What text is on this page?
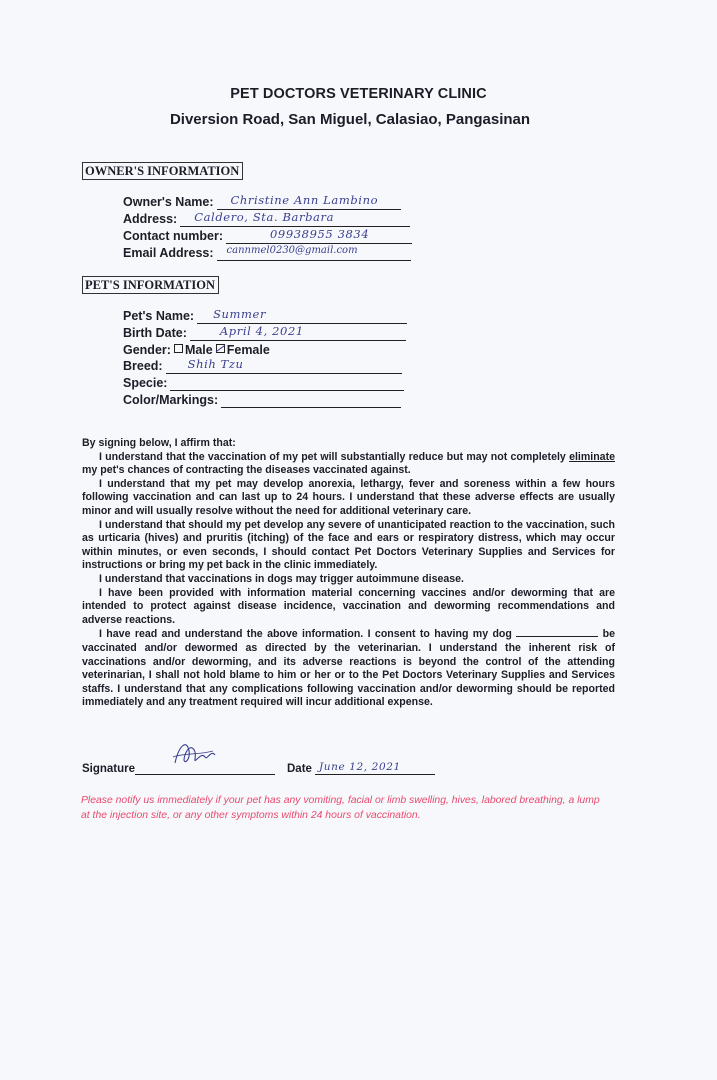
PET DOCTORS VETERINARY CLINIC
Diversion Road, San Miguel, Calasiao, Pangasinan
OWNER'S INFORMATION
Owner's Name: Christine Ann Lambino
Address: Caldero, Sta. Barbara
Contact number:	09938955 3834
Email Address: cannmel0230@gmail.com
PET'S INFORMATION
Pet's Name: Summer
Birth Date:	April 4, 2021
Gender: Male Female
Breed: Shih Tzu
Specie:
Color/Markings:

By signing below, I affirm that:

I understand that the vaccination of my pet will substantially reduce but may not completely eliminate my pet's chances of contracting the diseases vaccinated against.

I understand that my pet may develop anorexia, lethargy, fever and soreness within a few hours following vaccination and can last up to 24 hours. I understand that these adverse effects are usually minor and will usually resolve without the need for additional veterinary care.

I understand that should my pet develop any severe of unanticipated reaction to the vaccination, such as urticaria (hives) and pruritis (itching) of the face and ears or respiratory distress, which may occur within minutes, or even seconds, I should contact Pet Doctors Veterinary Supplies and Services for instructions or bring my pet back in the clinic immediately.

I understand that vaccinations in dogs may trigger autoimmune disease.

I have been provided with information material concerning vaccines and/or deworming that are intended to protect against disease incidence, vaccination and deworming recommendations and adverse reactions.

I have read and understand the above information. I consent to having my dog	be vaccinated and/or dewormed as directed by the veterinarian. I understand the inherent risk of vaccinations and/or deworming, and its adverse reactions is beyond the control of the attending veterinarian, I shall not hold blame to him or her or to the Pet Doctors Veterinary Supplies and Services staffs. I understand that any complications following vaccination and/or deworming should be reported immediately and any treatment required will incur additional expense.

Signature	Date June 12, 2021
Please notify us immediately if your pet has any vomiting, facial or limb swelling, hives, labored breathing, a lump at the injection site, or any other symptoms within 24 hours of vaccination.
